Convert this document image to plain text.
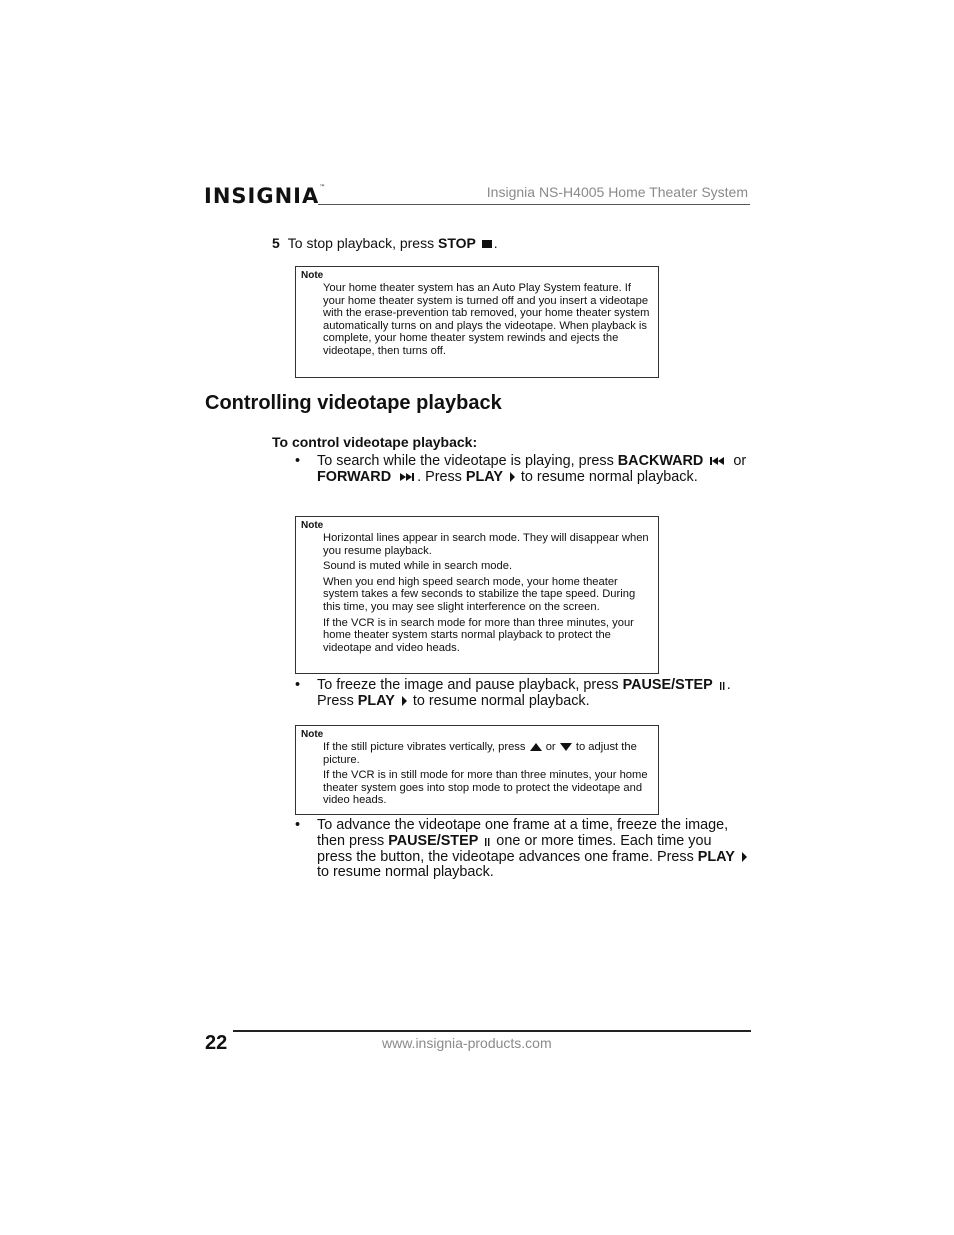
INSIGNIA™	Insignia NS-H4005 Home Theater System
5 To stop playback, press STOP .
Note

Your home theater system has an Auto Play System feature. If your home theater system is turned off and you insert a videotape with the erase-prevention tab removed, your home theater system automatically turns on and plays the videotape. When playback is complete, your home theater system rewinds and ejects the videotape, then turns off.

Controlling videotape playback
To control videotape playback:
• To search while the videotape is playing, press BACKWARD  or FORWARD . Press PLAY  to resume normal playback.
Note

Horizontal lines appear in search mode. They will disappear when you resume playback.

Sound is muted while in search mode.

When you end high speed search mode, your home theater system takes a few seconds to stabilize the tape speed. During this time, you may see slight interference on the screen.

If the VCR is in search mode for more than three minutes, your home theater system starts normal playback to protect the videotape and video heads.

• To freeze the image and pause playback, press PAUSE/STEP . Press PLAY  to resume normal playback.
Note

If the still picture vibrates vertically, press  or  to adjust the picture.

If the VCR is in still mode for more than three minutes, your home theater system goes into stop mode to protect the videotape and video heads.

• To advance the videotape one frame at a time, freeze the image, then press PAUSE/STEP  one or more times. Each time you press the button, the videotape advances one frame. Press PLAY  to resume normal playback.
22	www.insignia-products.com
